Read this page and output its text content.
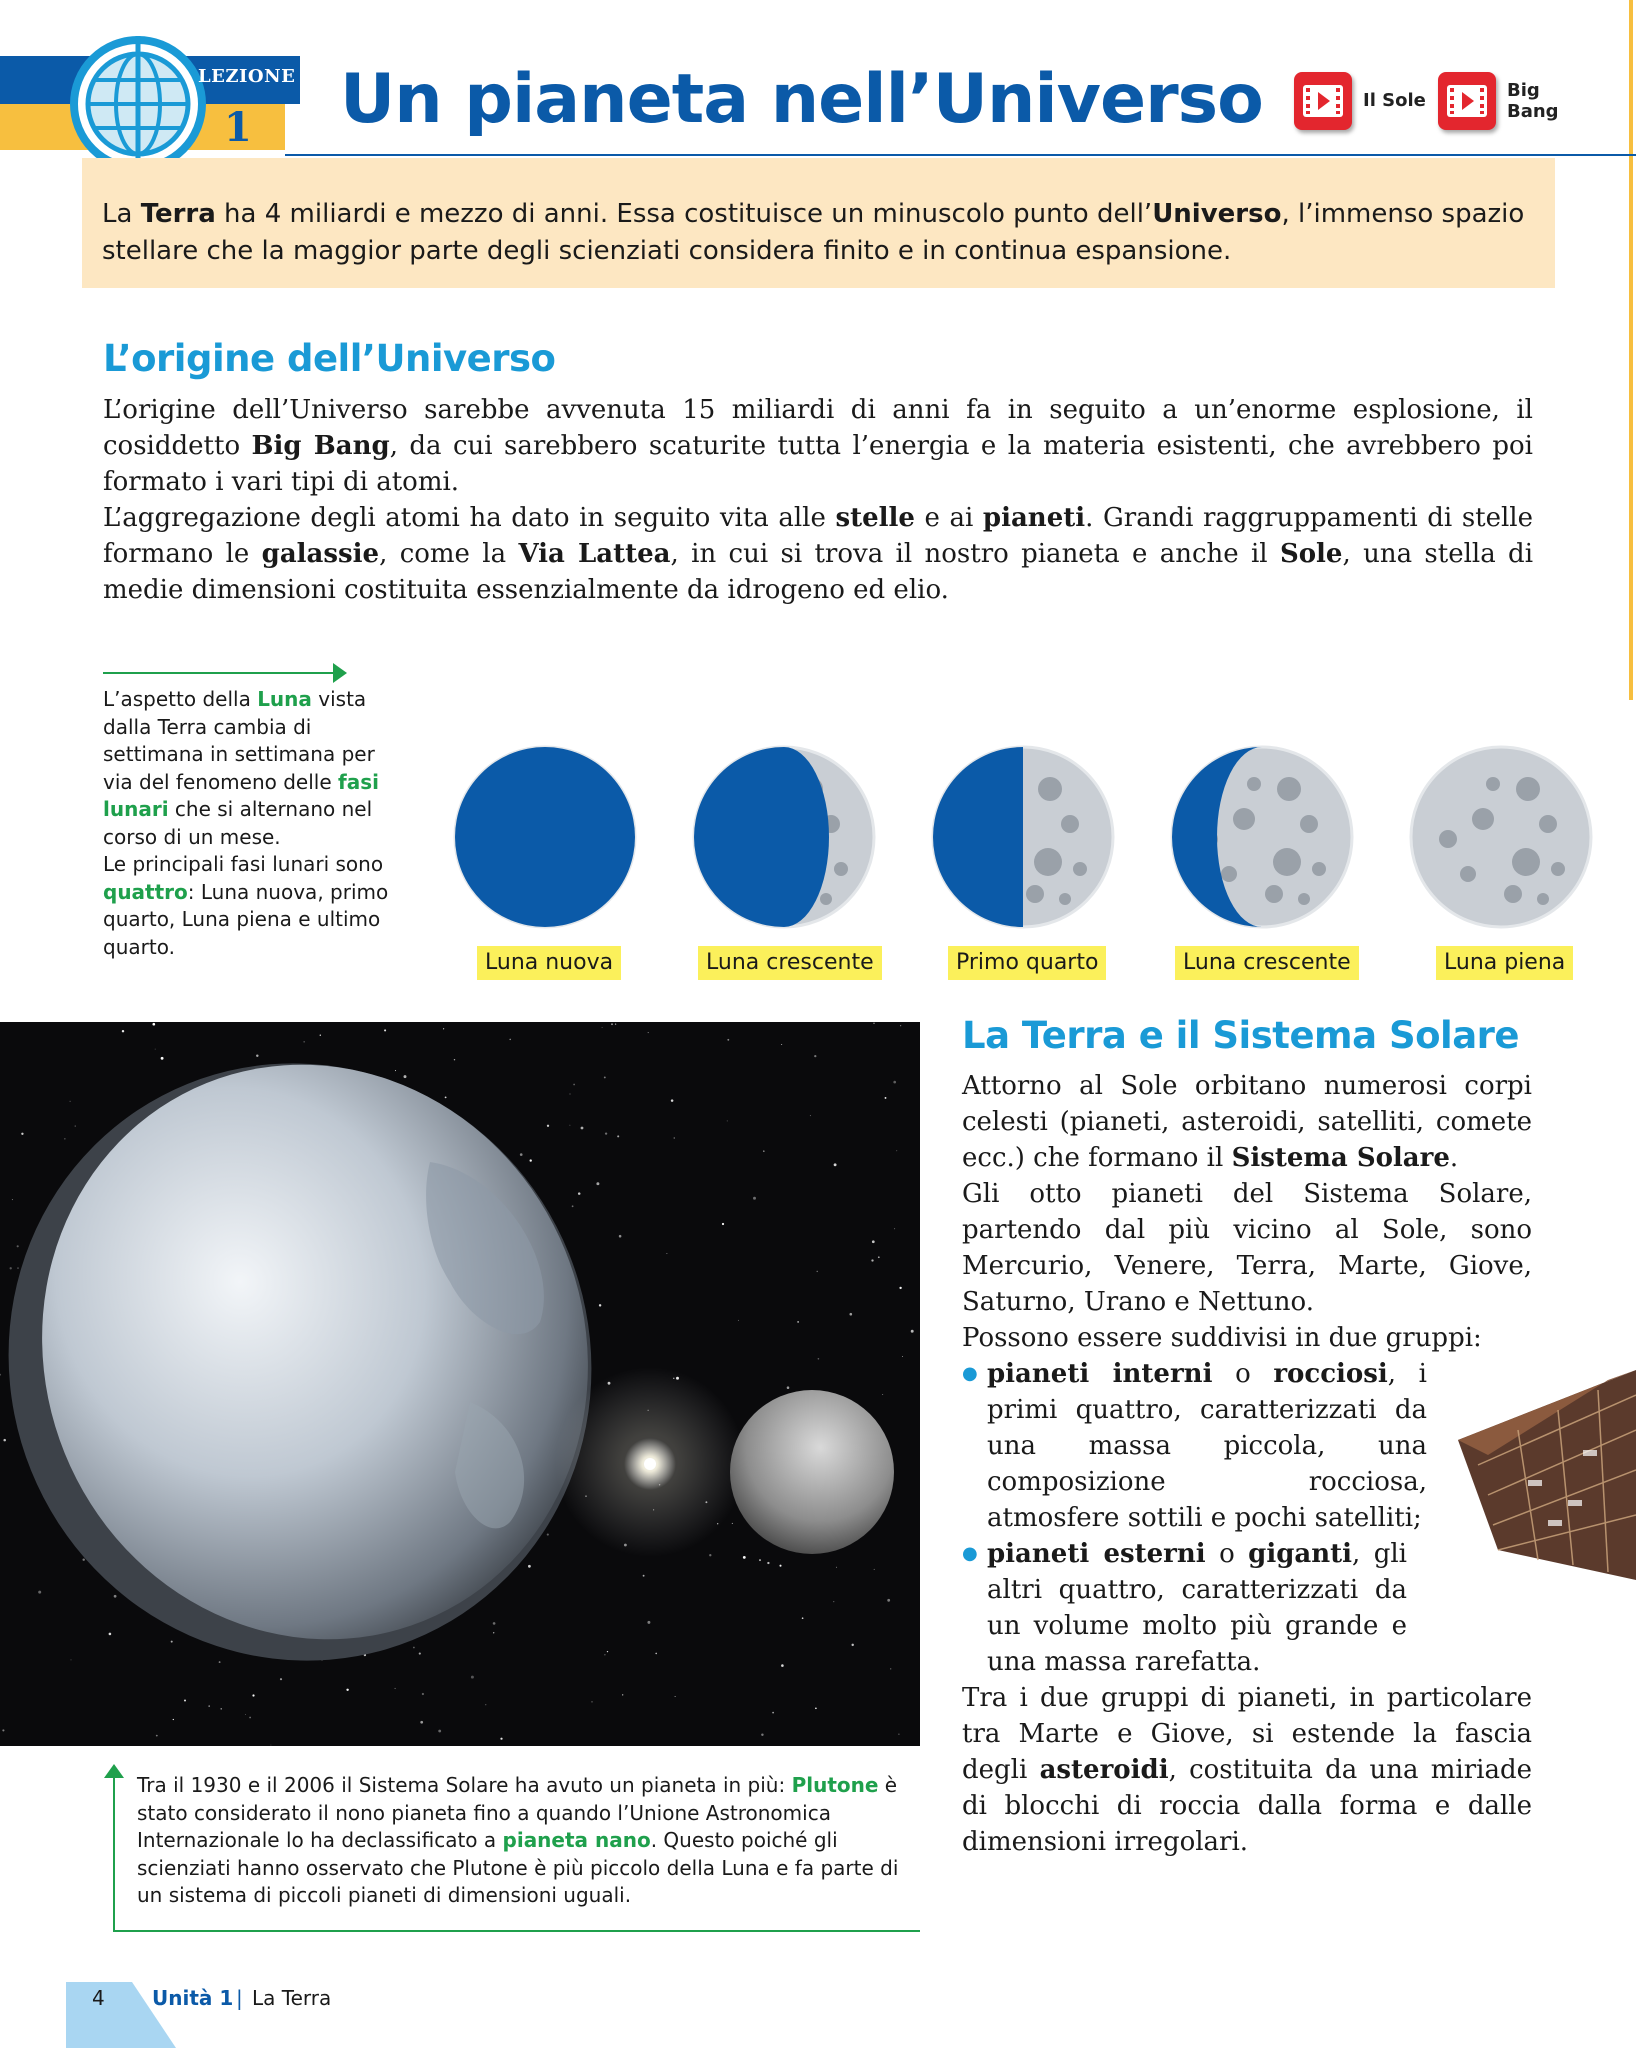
LEZIONE
1 Un pianeta nell’Universo	Il Sole	Big Bang

La Terra ha 4 miliardi e mezzo di anni. Essa costituisce un minuscolo punto dell’Universo, l’immenso spazio stellare che la maggior parte degli scienziati considera finito e in continua espansione.

L’origine dell’Universo

L’origine dell’Universo sarebbe avvenuta 15 miliardi di anni fa in seguito a un’enorme esplosione, il cosiddetto Big Bang, da cui sarebbero scaturite tutta l’energia e la materia esistenti, che avrebbero poi formato i vari tipi di atomi.

L’aggregazione degli atomi ha dato in seguito vita alle stelle e ai pianeti. Grandi raggruppamenti di stelle formano le galassie, come la Via Lattea, in cui si trova il nostro pianeta e anche il Sole, una stella di medie dimensioni costituita essenzialmente da idrogeno ed elio.

L’aspetto della Luna vista dalla Terra cambia di settimana in settimana per via del fenomeno delle fasi lunari che si alternano nel corso di un mese.

Le principali fasi lunari sono quattro: Luna nuova, primo quarto, Luna piena e ultimo quarto.

Luna nuova	Luna crescente	Primo quarto	Luna crescente	Luna piena

Tra il 1930 e il 2006 il Sistema Solare ha avuto un pianeta in più: Plutone è stato considerato il nono pianeta fino a quando l’Unione Astronomica Internazionale lo ha declassificato a pianeta nano. Questo poiché gli scienziati hanno osservato che Plutone è più piccolo della Luna e fa parte di un sistema di piccoli pianeti di dimensioni uguali.

La Terra e il Sistema Solare

Attorno al Sole orbitano numerosi corpi celesti (pianeti, asteroidi, satelliti, comete ecc.) che formano il Sistema Solare.

Gli otto pianeti del Sistema Solare, partendo dal più vicino al Sole, sono Mercurio, Venere, Terra, Marte, Giove, Saturno, Urano e Nettuno.

Possono essere suddivisi in due gruppi:

● pianeti interni o rocciosi, i primi quattro, caratterizzati da una massa piccola, una composizione rocciosa, atmosfere sottili e pochi satelliti;
● pianeti esterni o giganti, gli altri quattro, caratterizzati da un volume molto più grande e una massa rarefatta.

Tra i due gruppi di pianeti, in particolare tra Marte e Giove, si estende la fascia degli asteroidi, costituita da una miriade di blocchi di roccia dalla forma e dalle dimensioni irregolari.

4 Unità 1 | La Terra
